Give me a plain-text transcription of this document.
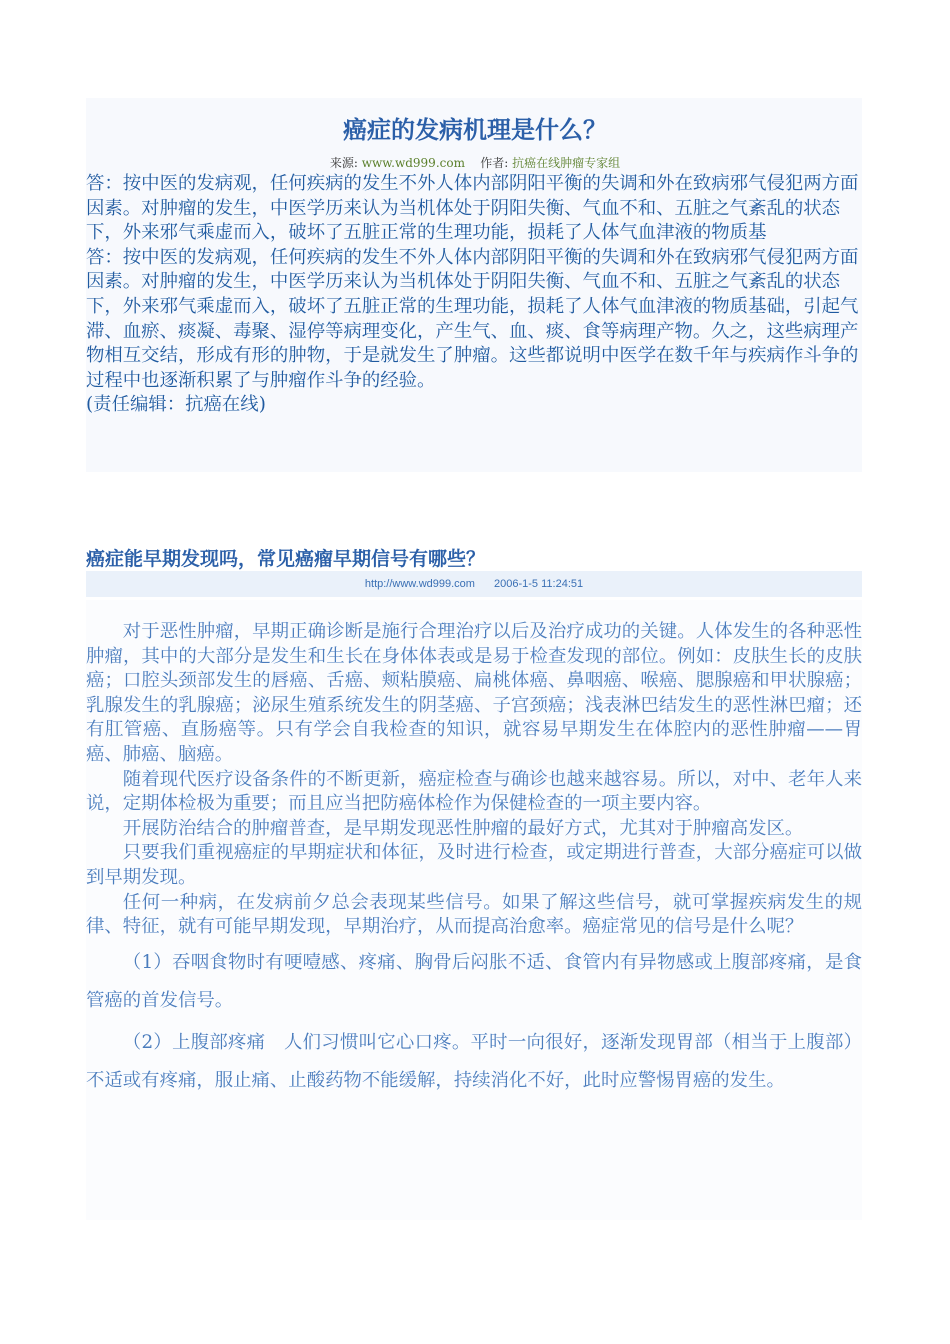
癌症的发病机理是什么？
来源: www.wd999.com 作者: 抗癌在线肿瘤专家组

答：按中医的发病观，任何疾病的发生不外人体内部阴阳平衡的失调和外在致病邪气侵犯两方面因素。对肿瘤的发生，中医学历来认为当机体处于阴阳失衡、气血不和、五脏之气紊乱的状态下，外来邪气乘虚而入，破坏了五脏正常的生理功能，损耗了人体气血津液的物质基

答：按中医的发病观，任何疾病的发生不外人体内部阴阳平衡的失调和外在致病邪气侵犯两方面因素。对肿瘤的发生，中医学历来认为当机体处于阴阳失衡、气血不和、五脏之气紊乱的状态下，外来邪气乘虚而入，破坏了五脏正常的生理功能，损耗了人体气血津液的物质基础，引起气滞、血瘀、痰凝、毒聚、湿停等病理变化，产生气、血、痰、食等病理产物。久之，这些病理产物相互交结，形成有形的肿物，于是就发生了肿瘤。这些都说明中医学在数千年与疾病作斗争的过程中也逐渐积累了与肿瘤作斗争的经验。

(责任编辑：抗癌在线)

癌症能早期发现吗，常见癌瘤早期信号有哪些？
http://www.wd999.com 2006-1-5 11:24:51

对于恶性肿瘤，早期正确诊断是施行合理治疗以后及治疗成功的关键。人体发生的各种恶性肿瘤，其中的大部分是发生和生长在身体体表或是易于检查发现的部位。例如：皮肤生长的皮肤癌；口腔头颈部发生的唇癌、舌癌、颊粘膜癌、扁桃体癌、鼻咽癌、喉癌、腮腺癌和甲状腺癌；乳腺发生的乳腺癌；泌尿生殖系统发生的阴茎癌、子宫颈癌；浅表淋巴结发生的恶性淋巴瘤；还有肛管癌、直肠癌等。只有学会自我检查的知识，就容易早期发生在体腔内的恶性肿瘤——胃癌、肺癌、脑癌。

随着现代医疗设备条件的不断更新，癌症检查与确诊也越来越容易。所以，对中、老年人来说，定期体检极为重要；而且应当把防癌体检作为保健检查的一项主要内容。

开展防治结合的肿瘤普查，是早期发现恶性肿瘤的最好方式，尤其对于肿瘤高发区。

只要我们重视癌症的早期症状和体征，及时进行检查，或定期进行普查，大部分癌症可以做到早期发现。

任何一种病，在发病前夕总会表现某些信号。如果了解这些信号，就可掌握疾病发生的规律、特征，就有可能早期发现，早期治疗，从而提高治愈率。癌症常见的信号是什么呢？

（1）吞咽食物时有哽噎感、疼痛、胸骨后闷胀不适、食管内有异物感或上腹部疼痛，是食管癌的首发信号。

（2）上腹部疼痛　人们习惯叫它心口疼。平时一向很好，逐渐发现胃部（相当于上腹部）不适或有疼痛，服止痛、止酸药物不能缓解，持续消化不好，此时应警惕胃癌的发生。
